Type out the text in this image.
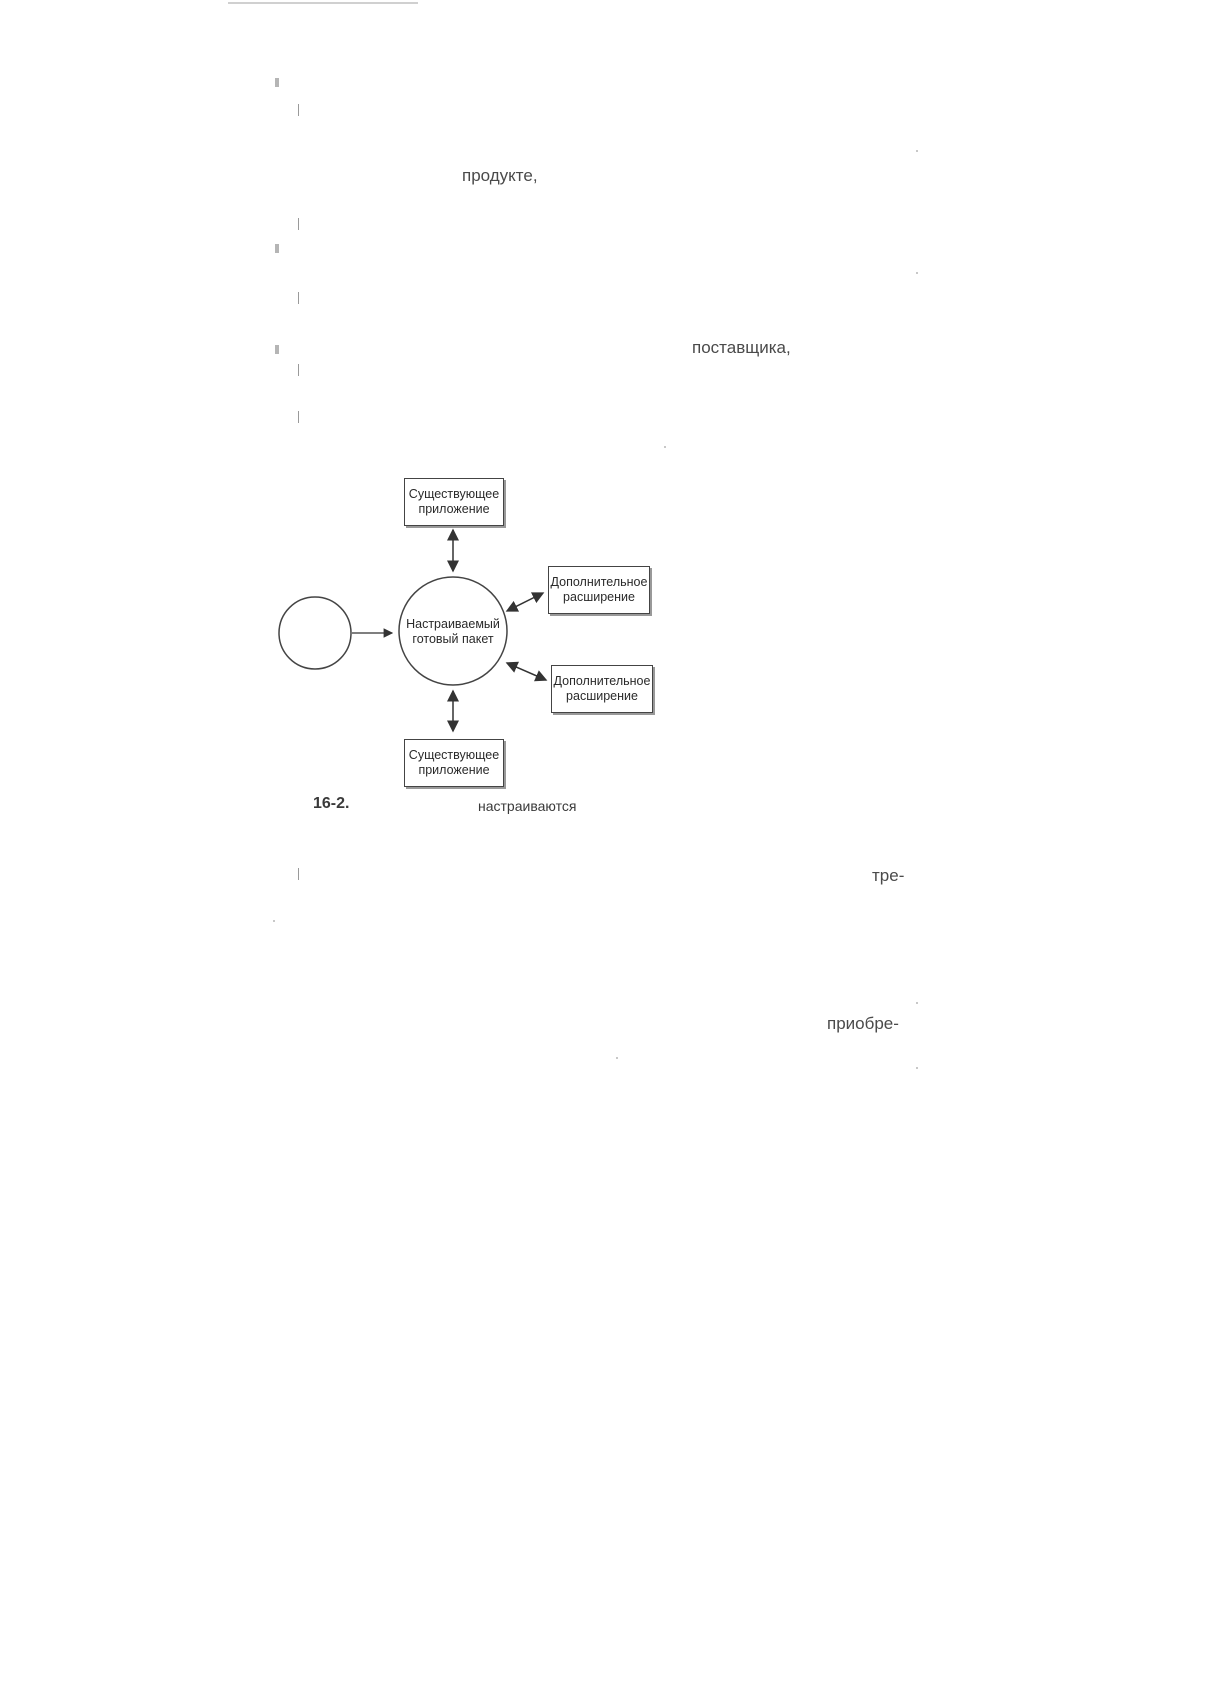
продукте,
поставщика,
тре-
приобре-
Существующее
приложение
Дополнительное
расширение
Настраиваемый
готовый пакет
Дополнительное
расширение
Существующее
приложение
16-2.	настраиваются
